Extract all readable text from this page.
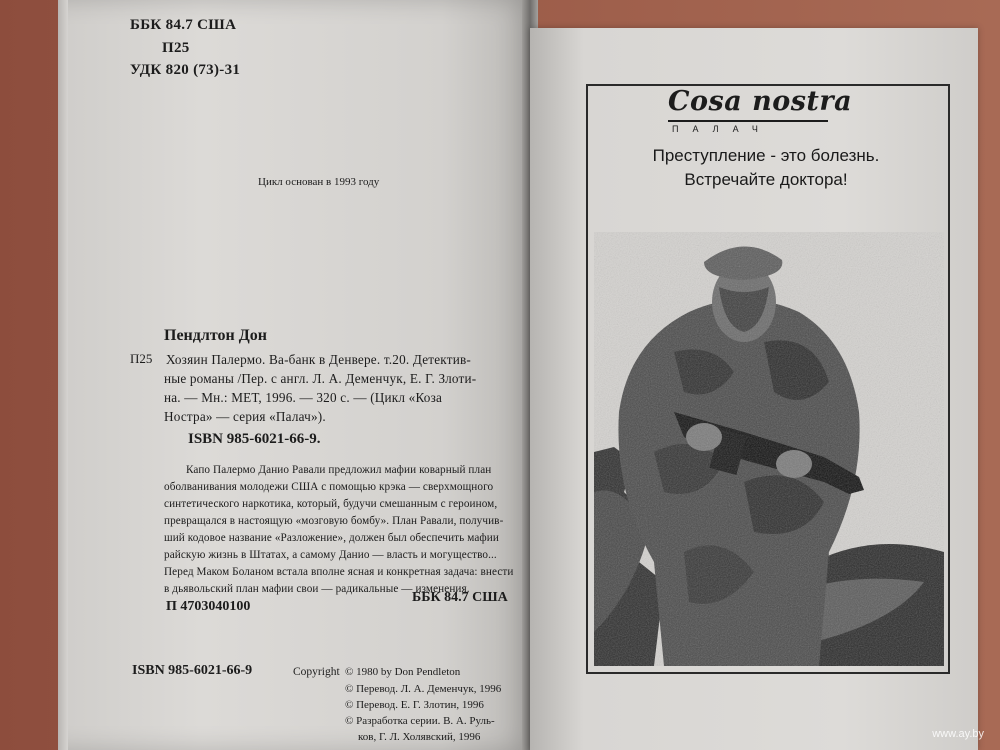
ББК 84.7 США
П25
УДК 820 (73)-31
Цикл основан в 1993 году
Пендлтон Дон
П25 Хозяин Палермо. Ва-банк в Денвере. т.20. Детектив-
ные романы /Пер. с англ. Л. А. Деменчук, Е. Г. Злоти-
на. — Мн.: МЕТ, 1996. — 320 с. — (Цикл «Коза
Ностра» — серия «Палач»).
ISBN 985-6021-66-9.
Капо Палермо Данио Равали предложил мафии коварный план
оболванивания молодежи США с помощью крэка — сверхмощного
синтетического наркотика, который, будучи смешанным с героином,
превращался в настоящую «мозговую бомбу». План Равали, получив-
ший кодовое название «Разложение», должен был обеспечить мафии
райскую жизнь в Штатах, а самому Данио — власть и могущество...
Перед Маком Боланом встала вполне ясная и конкретная задача: внести
в дьявольский план мафии свои — радикальные — изменения.
ББК 84.7 США
П 4703040100
ISBN 985-6021-66-9	Copyright © 1980 by Don Pendleton
© Перевод. Л. А. Деменчук, 1996
© Перевод. Е. Г. Злотин, 1996
© Разработка серии. В. А. Руль-
ков, Г. Л. Холявский, 1996
Cosa nostra
ПАЛАЧ
Преступление - это болезнь.
Встречайте доктора!
www.ay.by
